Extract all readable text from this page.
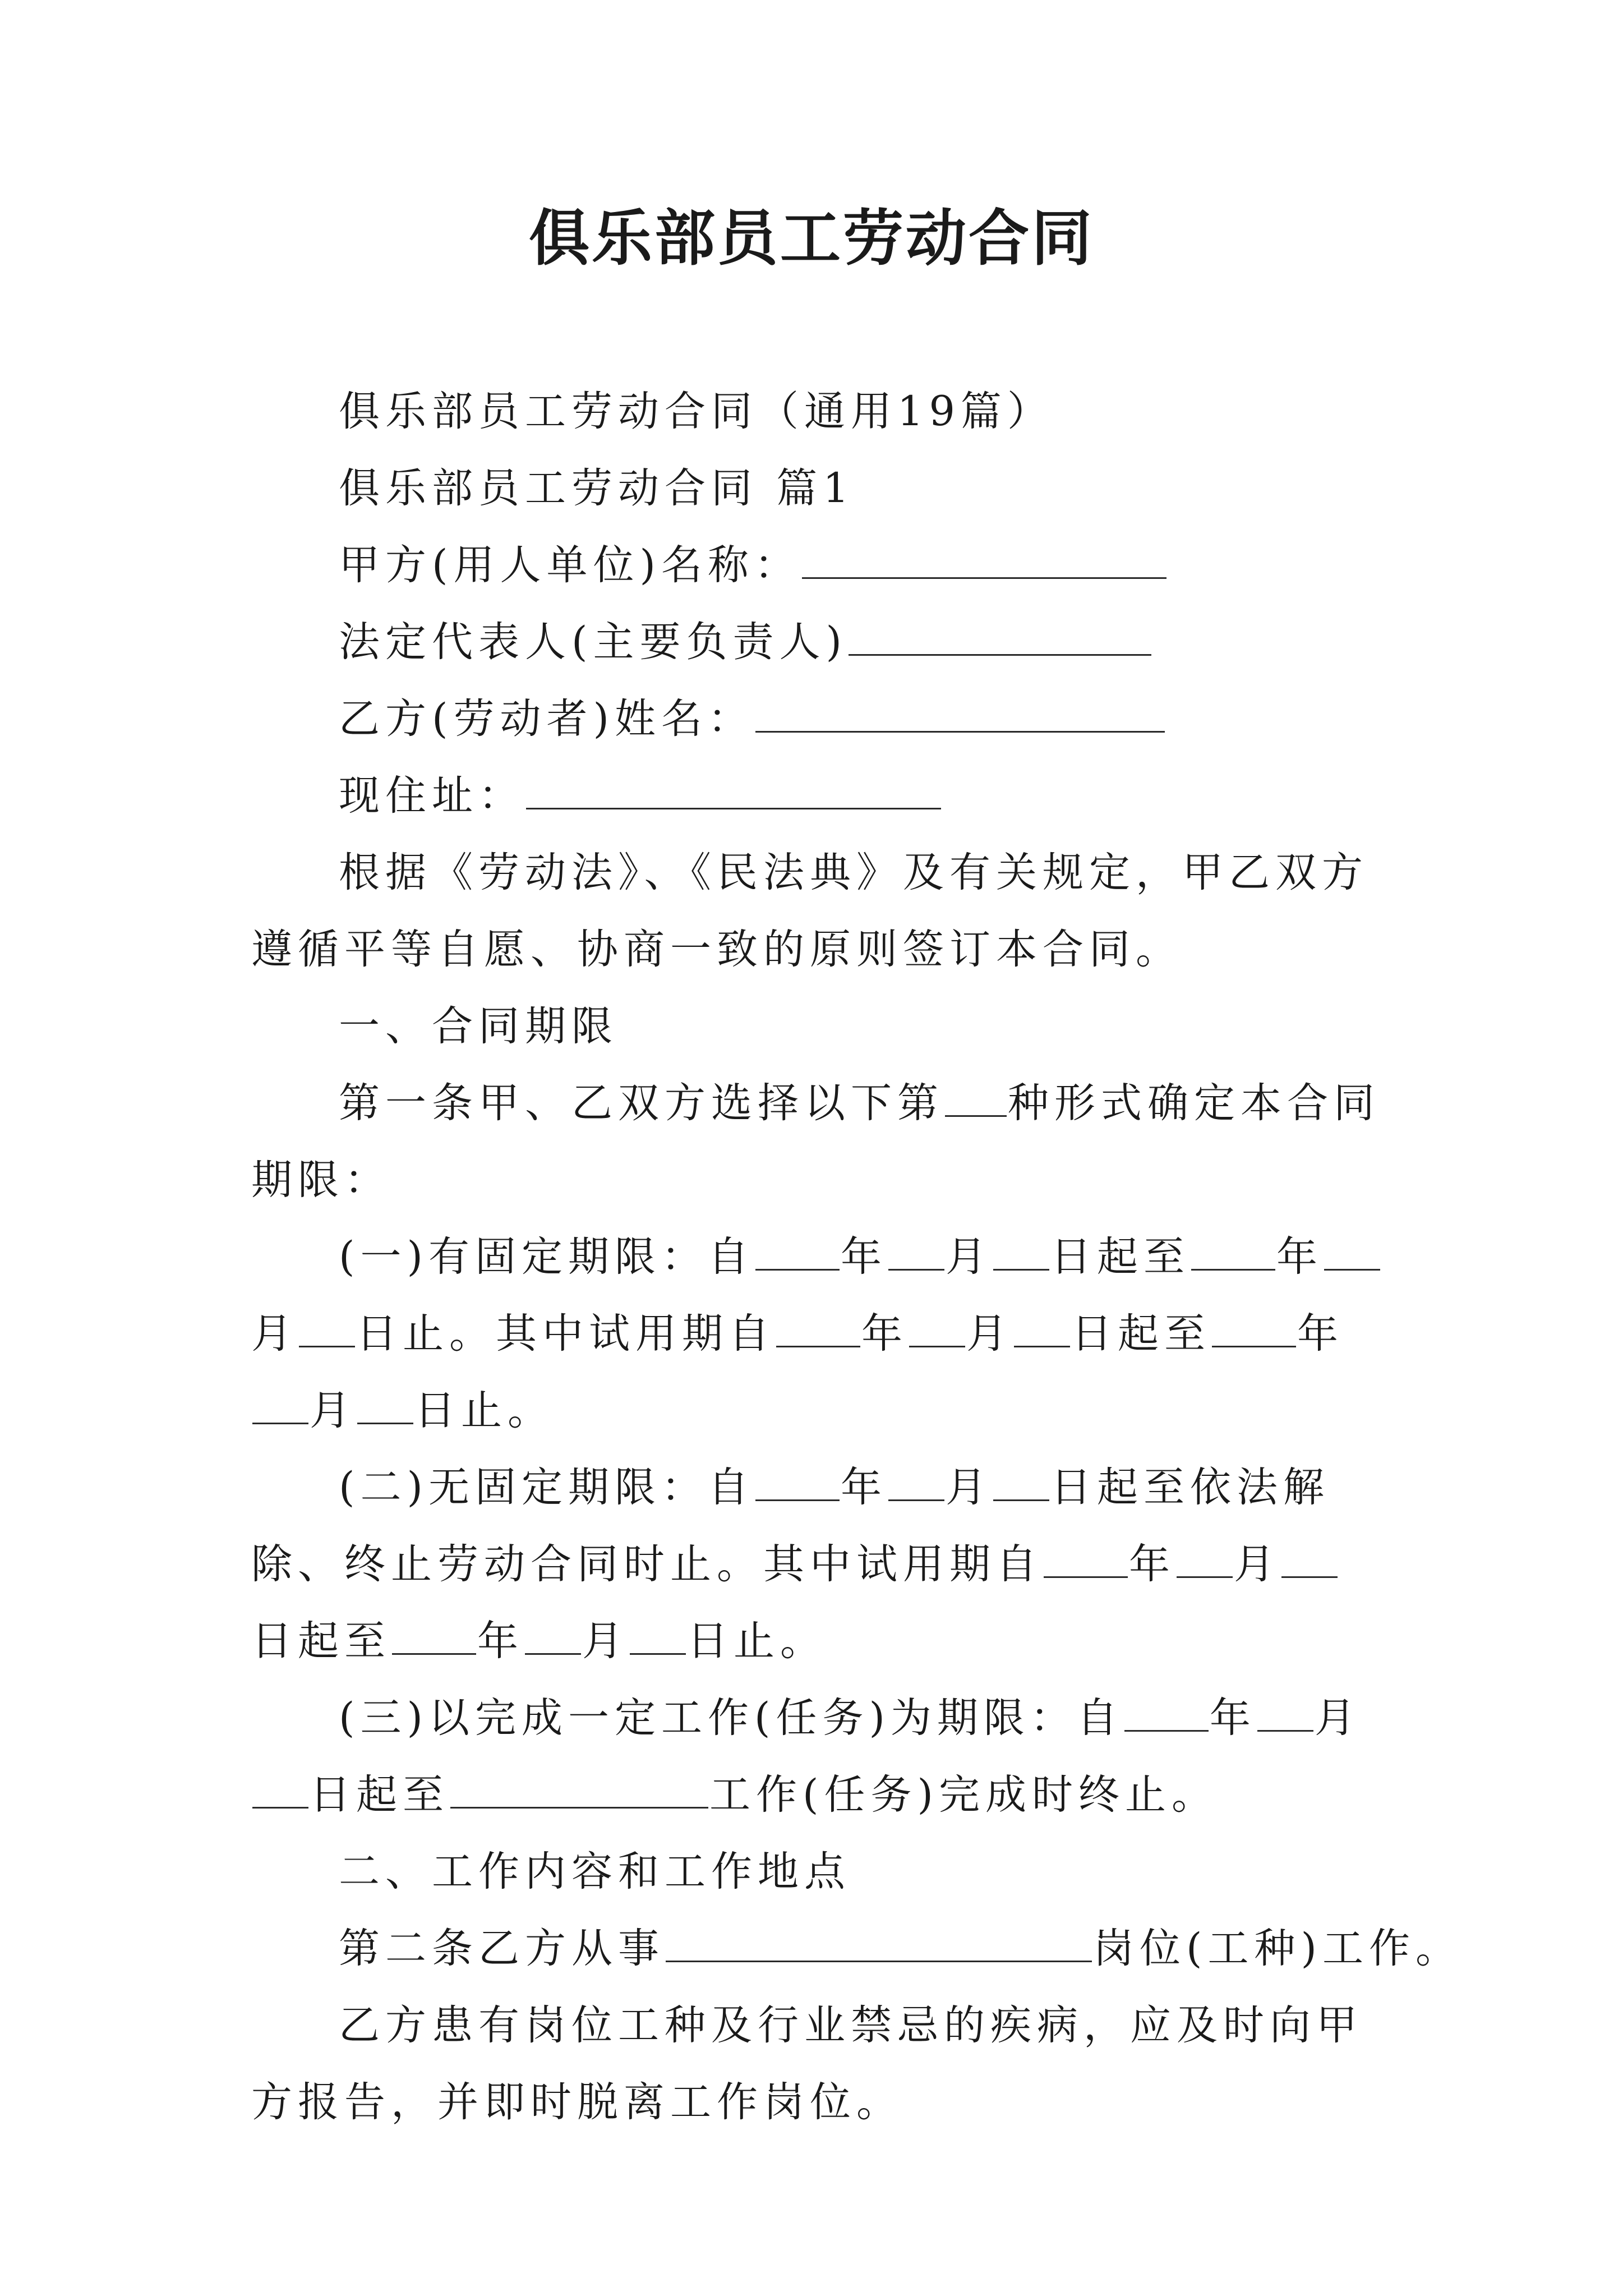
俱乐部员工劳动合同

俱乐部员工劳动合同（通用19篇）

俱乐部员工劳动合同 篇1

甲方(用人单位)名称：

法定代表人(主要负责人)

乙方(劳动者)姓名：

现住址：

根据《劳动法》、《民法典》及有关规定，甲乙双方遵循平等自愿、协商一致的原则签订本合同。

一、合同期限

第一条甲、乙双方选择以下第 种形式确定本合同期限：

(一)有固定期限：自 年 月 日起至 年月 日止。其中试用期自 年 月 日起至 年月 日止。

(二)无固定期限：自 年 月 日起至依法解除、终止劳动合同时止。其中试用期自 年 月日起至 年 月 日止。

(三)以完成一定工作(任务)为期限：自 年 月日起至	工作(任务)完成时终止。

二、工作内容和工作地点

第二条乙方从事	岗位(工种)工作。

乙方患有岗位工种及行业禁忌的疾病，应及时向甲方报告，并即时脱离工作岗位。
